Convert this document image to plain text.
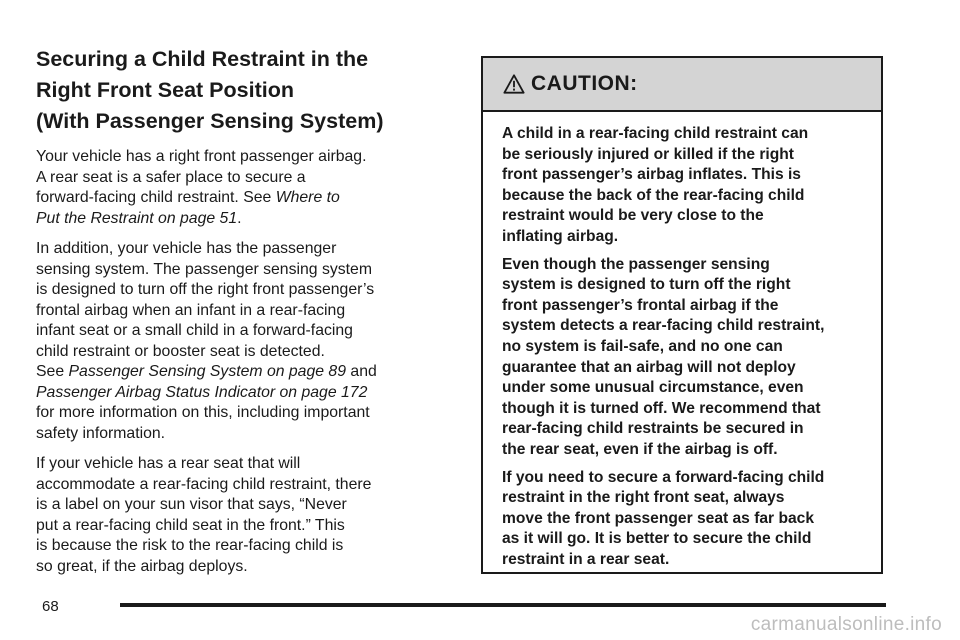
Securing a Child Restraint in the
Right Front Seat Position
(With Passenger Sensing System)

Your vehicle has a right front passenger airbag.
A rear seat is a safer place to secure a
forward-facing child restraint. See Where to
Put the Restraint on page 51.

In addition, your vehicle has the passenger
sensing system. The passenger sensing system
is designed to turn off the right front passenger’s
frontal airbag when an infant in a rear-facing
infant seat or a small child in a forward-facing
child restraint or booster seat is detected.
See Passenger Sensing System on page 89 and
Passenger Airbag Status Indicator on page 172
for more information on this, including important
safety information.

If your vehicle has a rear seat that will
accommodate a rear-facing child restraint, there
is a label on your sun visor that says, “Never
put a rear-facing child seat in the front.” This
is because the risk to the rear-facing child is
so great, if the airbag deploys.

CAUTION:

A child in a rear-facing child restraint can
be seriously injured or killed if the right
front passenger’s airbag inflates. This is
because the back of the rear-facing child
restraint would be very close to the
inflating airbag.

Even though the passenger sensing
system is designed to turn off the right
front passenger’s frontal airbag if the
system detects a rear-facing child restraint,
no system is fail-safe, and no one can
guarantee that an airbag will not deploy
under some unusual circumstance, even
though it is turned off. We recommend that
rear-facing child restraints be secured in
the rear seat, even if the airbag is off.

If you need to secure a forward-facing child
restraint in the right front seat, always
move the front passenger seat as far back
as it will go. It is better to secure the child
restraint in a rear seat.

68
carmanualsonline.info
